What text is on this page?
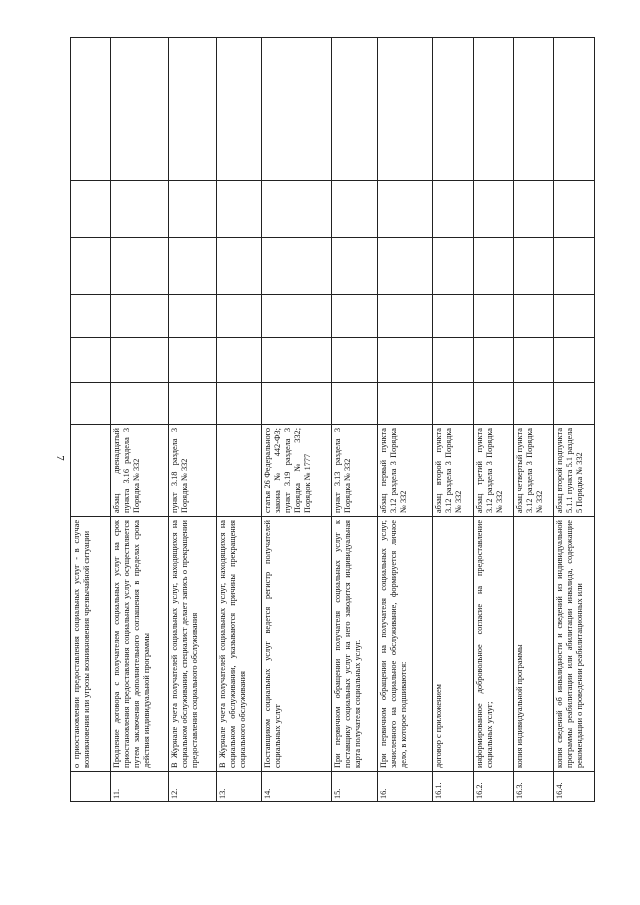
7
о приостановлении предоставления социальных услуг - в случае возникновения или угрозы возникновения чрезвычайной ситуации
11.
Продление договора с получателем социальных услуг на срок приостановления предоставления социальных услуг осуществляется путем заключения дополнительного соглашения в пределах срока действия индивидуальной программы
абзац двенадцатый пункта 3.16 раздела 3 Порядка № 332
12.
В Журнале учета получателей социальных услуг, находящихся на социальном обслуживании, специалист делает запись о прекращении предоставления социального обслуживания
пункт 3.18 раздела 3 Порядка № 332
13.
В Журнале учета получателей социальных услуг, находящихся на социальном обслуживании, указываются причины прекращения социального обслуживания
14.
Поставщиком социальных услуг ведется регистр получателей социальных услуг
статья 26 Федерального закона № 442-ФЗ; пункт 3.19 раздела 3 Порядка № 332; Порядок № 1777
15.
При первичном обращении получателя социальных услуг к поставщику социальных услуг на него заводится индивидуальная карта получателя социальных услуг.
пункт 3.13 раздела 3 Порядка № 332
16.
При первичном обращении на получателя социальных услуг, зачисленного на социальное обслуживание, формируется личное дело, в которое подшиваются:
абзац первый пункта 3.12 раздела 3 Порядка № 332
16.1.
договор с приложением
абзац второй пункта 3.12 раздела 3 Порядка № 332
16.2.
информированное добровольное согласие на предоставление социальных услуг;
абзац третий пункта 3.12 раздела 3 Порядка № 332
16.3.
копия индивидуальной программы
абзац четвертый пункта 3.12 раздела 3 Порядка № 332
16.4.
копия сведений об инвалидности и сведений из индивидуальной программы реабилитации или абилитации инвалида, содержащие рекомендации о проведении реабилитационных или
абзац второй подпункта 5.1.1 пункта 5.1 раздела 5 Порядка № 332
